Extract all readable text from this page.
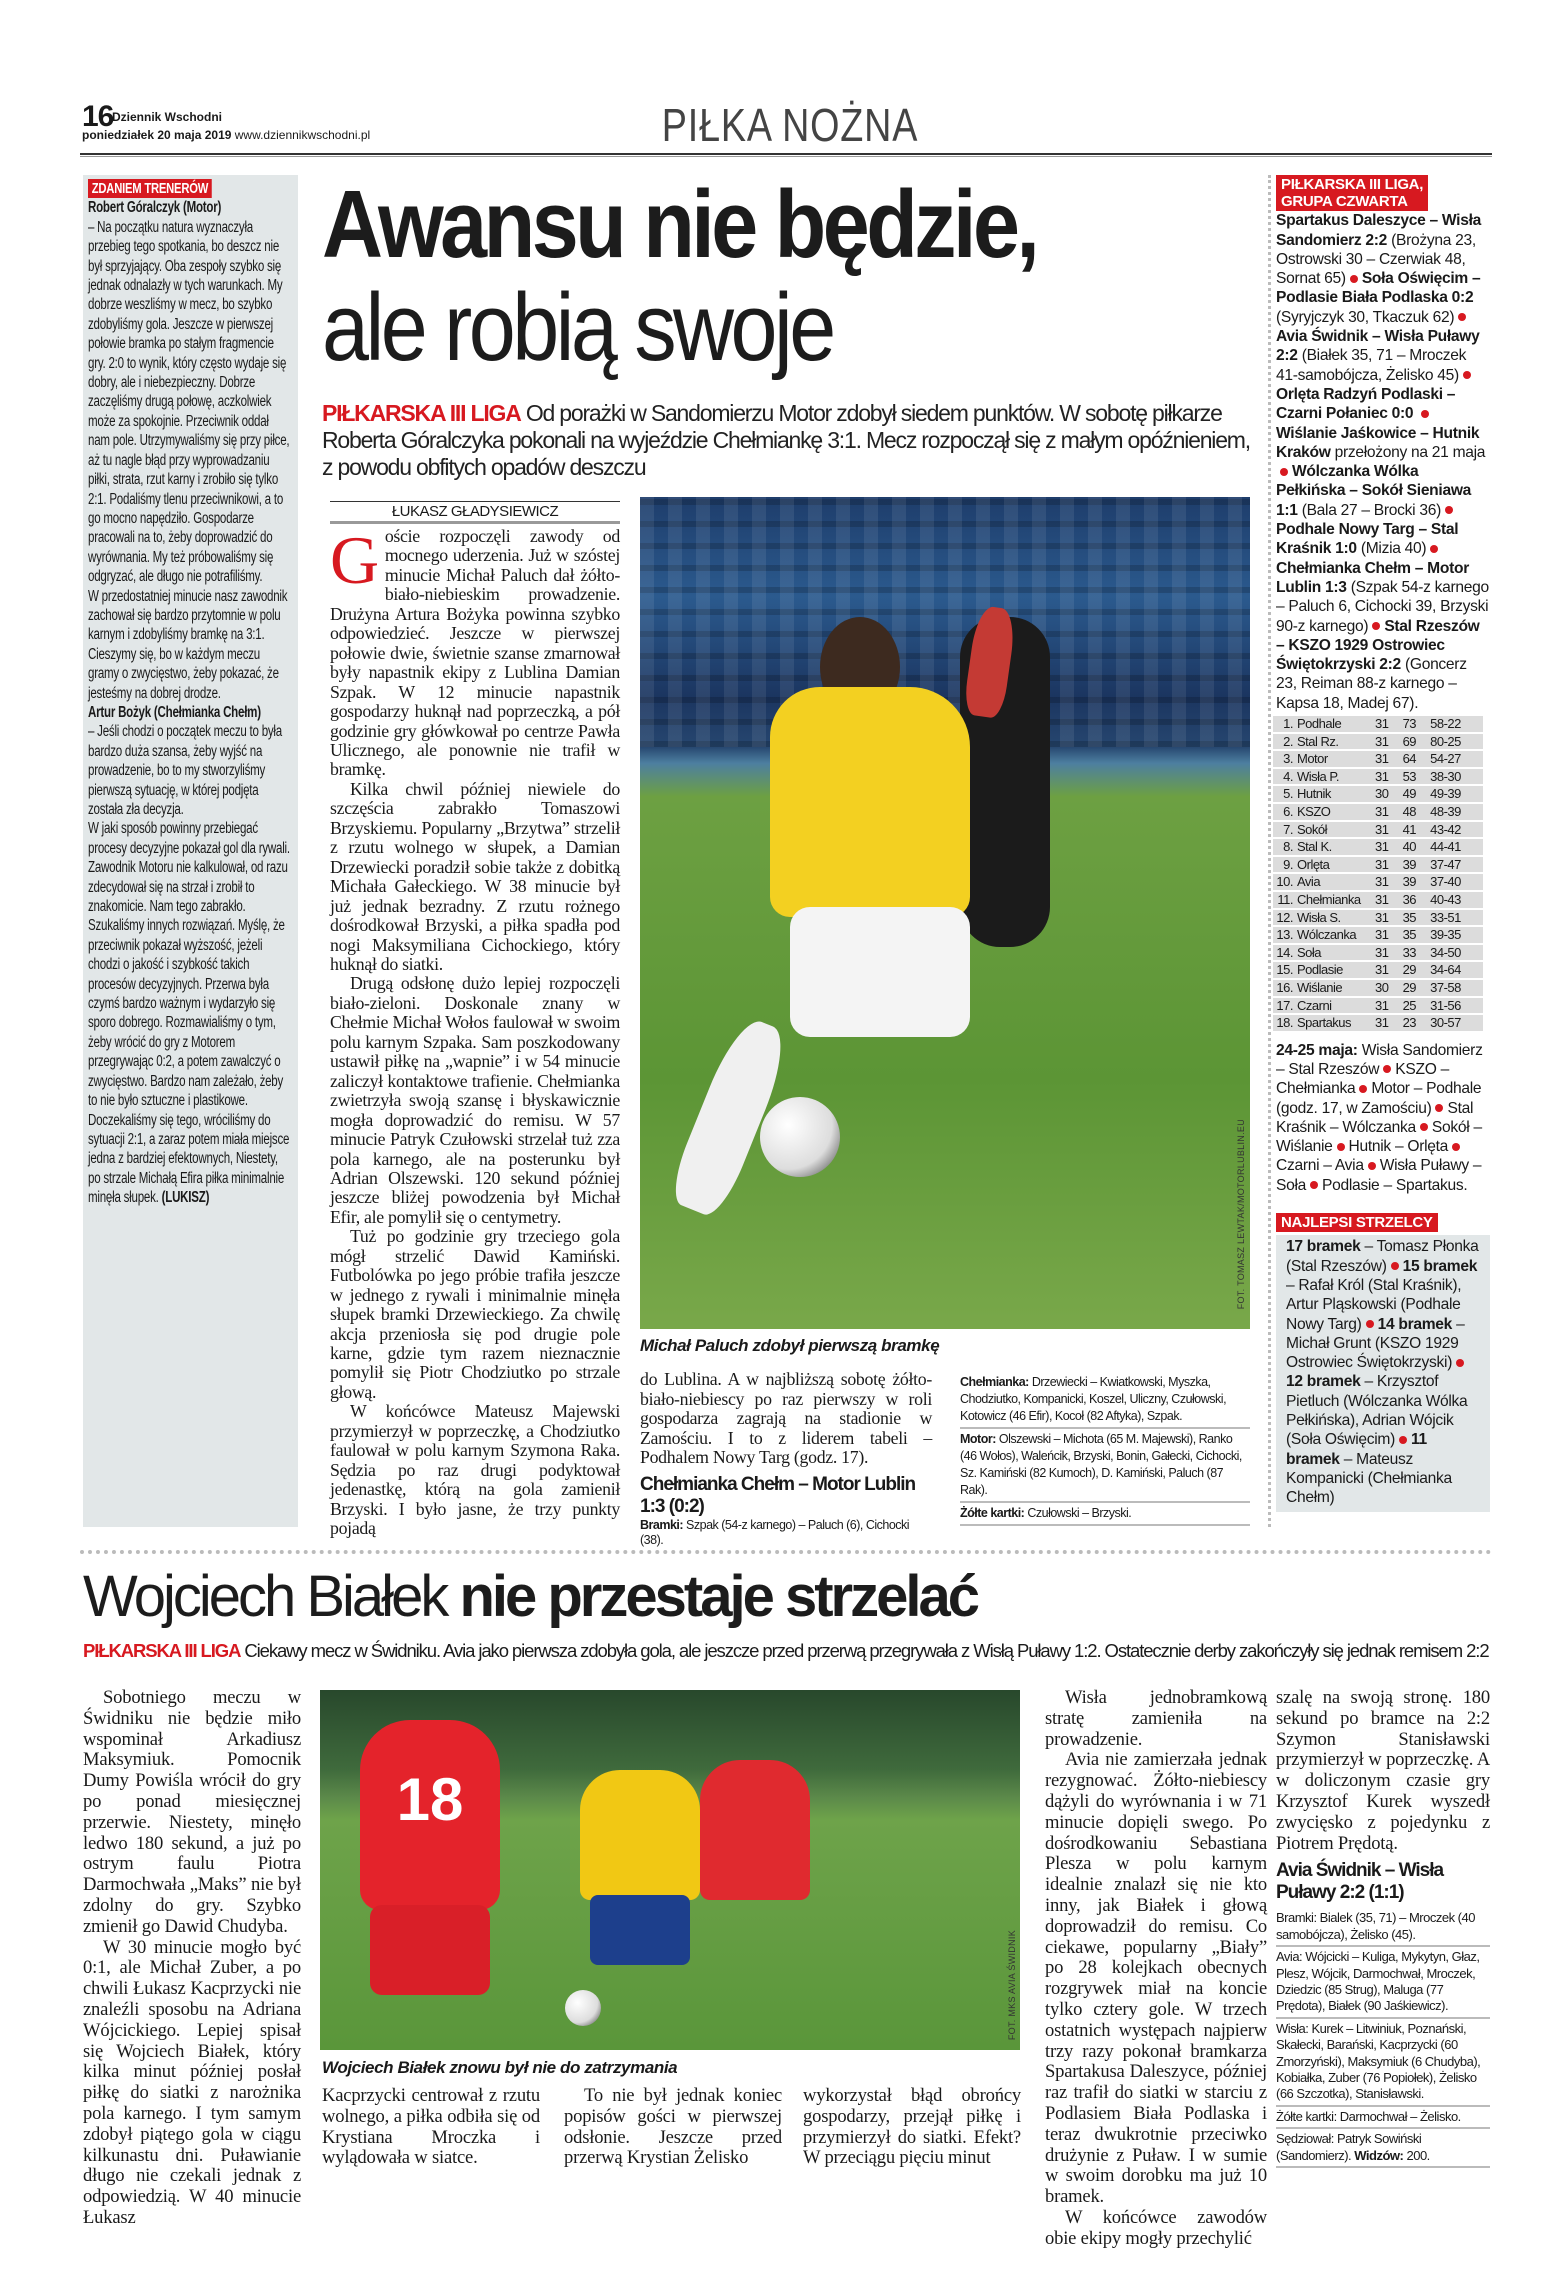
16
Dziennik Wschodni
poniedziałek 20 maja 2019 www.dziennikwschodni.pl	PIŁKA NOŻNA
ZDANIEM TRENERÓW
Robert Góralczyk (Motor)

– Na początku natura wyznaczyła przebieg tego spotkania, bo deszcz nie był sprzyjający. Oba zespoły szybko się jednak odnalazły w tych warunkach. My dobrze weszliśmy w mecz, bo szybko zdobyliśmy gola. Jeszcze w pierwszej połowie bramka po stałym fragmencie gry. 2:0 to wynik, który często wydaje się dobry, ale i niebezpieczny. Dobrze zaczęliśmy drugą połowę, aczkolwiek może za spokojnie. Przeciwnik oddał nam pole. Utrzymywaliśmy się przy piłce, aż tu nagle błąd przy wyprowadzaniu piłki, strata, rzut karny i zrobiło się tylko 2:1. Podaliśmy tlenu przeciwnikowi, a to go mocno napędziło. Gospodarze pracowali na to, żeby doprowadzić do wyrównania. My też próbowaliśmy się odgryzać, ale długo nie potrafiliśmy.

W przedostatniej minucie nasz zawodnik zachował się bardzo przytomnie w polu karnym i zdobyliśmy bramkę na 3:1. Cieszymy się, bo w każdym meczu gramy o zwycięstwo, żeby pokazać, że jesteśmy na dobrej drodze.

Artur Bożyk (Chełmianka Chełm)

– Jeśli chodzi o początek meczu to była bardzo duża szansa, żeby wyjść na prowadzenie, bo to my stworzyliśmy pierwszą sytuację, w której podjęta została zła decyzja.

W jaki sposób powinny przebiegać procesy decyzyjne pokazał gol dla rywali. Zawodnik Motoru nie kalkulował, od razu zdecydował się na strzał i zrobił to znakomicie. Nam tego zabrakło. Szukaliśmy innych rozwiązań. Myślę, że przeciwnik pokazał wyższość, jeżeli chodzi o jakość i szybkość takich procesów decyzyjnych. Przerwa była czymś bardzo ważnym i wydarzyło się sporo dobrego. Rozmawialiśmy o tym, żeby wrócić do gry z Motorem przegrywając 0:2, a potem zawalczyć o zwycięstwo. Bardzo nam zależało, żeby to nie było sztuczne i plastikowe. Doczekaliśmy się tego, wróciliśmy do sytuacji 2:1, a zaraz potem miała miejsce jedna z bardziej efektownych, Niestety, po strzale Michałą Efira piłka minimalnie minęła słupek. (LUKISZ)

Awansu nie będzie,
ale robią swoje
PIŁKARSKA III LIGA Od porażki w Sandomierzu Motor zdobył siedem punktów. W sobotę piłkarze Roberta Góralczyka pokonali na wyjeździe Chełmiankę 3:1. Mecz rozpoczął się z małym opóźnieniem, z powodu obfitych opadów deszczu
ŁUKASZ GŁADYSIEWICZ

Goście rozpoczęli zawody od mocnego uderzenia. Już w szóstej minucie Michał Paluch dał żółto-biało-niebieskim prowadzenie. Drużyna Artura Bożyka powinna szybko odpowiedzieć. Jeszcze w pierwszej połowie dwie, świetnie szanse zmarnował były napastnik ekipy z Lublina Damian Szpak. W 12 minucie napastnik gospodarzy huknął nad poprzeczką, a pół godzinie gry główkował po centrze Pawła Ulicznego, ale ponownie nie trafił w bramkę.

Kilka chwil później niewiele do szczęścia zabrakło Tomaszowi Brzyskiemu. Popularny „Brzytwa” strzelił z rzutu wolnego w słupek, a Damian Drzewiecki poradził sobie także z dobitką Michała Gałeckiego. W 38 minucie był już jednak bezradny. Z rzutu rożnego dośrodkował Brzyski, a piłka spadła pod nogi Maksymiliana Cichockiego, który huknął do siatki.

Drugą odsłonę dużo lepiej rozpoczęli biało-zieloni. Doskonale znany w Chełmie Michał Wołos faulował w swoim polu karnym Szpaka. Sam poszkodowany ustawił piłkę na „wapnie” i w 54 minucie zaliczył kontaktowe trafienie. Chełmianka zwietrzyła swoją szansę i błyskawicznie mogła doprowadzić do remisu. W 57 minucie Patryk Czułowski strzelał tuż zza pola karnego, ale na posterunku był Adrian Olszewski. 120 sekund później jeszcze bliżej powodzenia był Michał Efir, ale pomylił się o centymetry.

Tuż po godzinie gry trzeciego gola mógł strzelić Dawid Kamiński. Futbolówka po jego próbie trafiła jeszcze w jednego z rywali i minimalnie minęła słupek bramki Drzewieckiego. Za chwilę akcja przeniosła się pod drugie pole karne, gdzie tym razem nieznacznie pomylił się Piotr Chodziutko po strzale głową.

W końcówce Mateusz Majewski przymierzył w poprzeczkę, a Chodziutko faulował w polu karnym Szymona Raka. Sędzia po raz drugi podyktował jedenastkę, którą na gola zamienił Brzyski. I było jasne, że trzy punkty pojadą

FOT. TOMASZ LEWTAK/MOTORLUBLIN.EU
Michał Paluch zdobył pierwszą bramkę
do Lublina. A w najbliższą sobotę żółto-biało-niebiescy po raz pierwszy w roli gospodarza zagrają na stadionie w Zamościu. I to z liderem tabeli – Podhalem Nowy Targ (godz. 17).
Chełmianka Chełm – Motor Lublin 1:3 (0:2)
Bramki: Szpak (54-z karnego) – Paluch (6), Cichocki (38).
Chełmianka: Drzewiecki – Kwiatkowski, Myszka, Chodziutko, Kompanicki, Koszel, Uliczny, Czułowski, Kotowicz (46 Efir), Kocoł (82 Aftyka), Szpak.
Motor: Olszewski – Michota (65 M. Majewski), Ranko (46 Wołos), Waleńcik, Brzyski, Bonin, Gałecki, Cichocki, Sz. Kamiński (82 Kumoch), D. Kamiński, Paluch (87 Rak).
Żółte kartki: Czułowski – Brzyski.
PIŁKARSKA III LIGA,
GRUPA CZWARTA
Spartakus Daleszyce – Wisła Sandomierz 2:2 (Brożyna 23, Ostrowski 30 – Czerwiak 48, Sornat 65) Soła Oświęcim – Podlasie Biała Podlaska 0:2 (Syryjczyk 30, Tkaczuk 62)Avia Świdnik – Wisła Puławy 2:2 (Białek 35, 71 – Mroczek 41-samobójcza, Żelisko 45)Orlęta Radzyń Podlaski – Czarni Połaniec 0:0 Wiślanie Jaśkowice – Hutnik Kraków przełożony na 21 majaWólczanka Wólka Pełkińska – Sokół Sieniawa 1:1 (Bala 27 – Brocki 36)Podhale Nowy Targ – Stal Kraśnik 1:0 (Mizia 40)Chełmianka Chełm – Motor Lublin 1:3 (Szpak 54-z karnego – Paluch 6, Cichocki 39, Brzyski 90-z karnego) Stal Rzeszów – KSZO 1929 Ostrowiec Świętokrzyski 2:2 (Goncerz 23, Reiman 88-z karnego – Kapsa 18, Madej 67).
1.	Podhale	31	73	58-22
2.	Stal Rz.	31	69	80-25
3.	Motor	31	64	54-27
4.	Wisła P.	31	53	38-30
5.	Hutnik	30	49	49-39
6.	KSZO	31	48	48-39
7.	Sokół	31	41	43-42
8.	Stal K.	31	40	44-41
9.	Orlęta	31	39	37-47
10.	Avia	31	39	37-40
11.	Chełmianka	31	36	40-43
12.	Wisła S.	31	35	33-51
13.	Wólczanka	31	35	39-35
14.	Soła	31	33	34-50
15.	Podlasie	31	29	34-64
16.	Wiślanie	30	29	37-58
17.	Czarni	31	25	31-56
18.	Spartakus	31	23	30-57
24-25 maja: Wisła Sandomierz – Stal Rzeszów KSZO – Chełmianka Motor – Podhale (godz. 17, w Zamościu) Stal Kraśnik – Wólczanka Sokół – Wiślanie Hutnik – OrlętaCzarni – Avia Wisła Puławy – Soła Podlasie – Spartakus.
NAJLEPSI STRZELCY
17 bramek – Tomasz Płonka (Stal Rzeszów) 15 bramek – Rafał Król (Stal Kraśnik), Artur Pląskowski (Podhale Nowy Targ) 14 bramek – Michał Grunt (KSZO 1929 Ostrowiec Świętokrzyski)12 bramek – Krzysztof Pietluch (Wólczanka Wólka Pełkińska), Adrian Wójcik (Soła Oświęcim) 11 bramek – Mateusz Kompanicki (Chełmianka Chełm)
Wojciech Białek nie przestaje strzelać
PIŁKARSKA III LIGA Ciekawy mecz w Świdniku. Avia jako pierwsza zdobyła gola, ale jeszcze przed przerwą przegrywała z Wisłą Puławy 1:2. Ostatecznie derby zakończyły się jednak remisem 2:2

Sobotniego meczu w Świdniku nie będzie miło wspominał Arkadiusz Maksymiuk. Pomocnik Dumy Powiśla wrócił do gry po ponad miesięcznej przerwie. Niestety, minęło ledwo 180 sekund, a już po ostrym faulu Piotra Darmochwała „Maks” nie był zdolny do gry. Szybko zmienił go Dawid Chudyba.

W 30 minucie mogło być 0:1, ale Michał Zuber, a po chwili Łukasz Kacprzycki nie znaleźli sposobu na Adriana Wójcickiego. Lepiej spisał się Wojciech Białek, który kilka minut później posłał piłkę do siatki z narożnika pola karnego. I tym samym zdobył piątego gola w ciągu kilkunastu dni. Puławianie długo nie czekali jednak z odpowiedzią. W 40 minucie Łukasz

18
FOT. MKS AVIA ŚWIDNIK
Wojciech Białek znowu był nie do zatrzymania
Kacprzycki centrował z rzutu wolnego, a piłka odbiła się od Krystiana Mroczka i wylądowała w siatce.

To nie był jednak koniec popisów gości w pierwszej odsłonie. Jeszcze przed przerwą Krystian Żelisko

wykorzystał błąd obrońcy gospodarzy, przejął piłkę i przymierzył do siatki. Efekt? W przeciągu pięciu minut

Wisła jednobramkową stratę zamieniła na prowadzenie.

Avia nie zamierzała jednak rezygnować. Żółto-niebiescy dążyli do wyrównania i w 71 minucie dopięli swego. Po dośrodkowaniu Sebastiana Plesza w polu karnym idealnie znalazł się nie kto inny, jak Białek i głową doprowadził do remisu. Co ciekawe, popularny „Biały” po 28 kolejkach obecnych rozgrywek miał na koncie tylko cztery gole. W trzech ostatnich występach najpierw trzy razy pokonał bramkarza Spartakusa Daleszyce, później raz trafił do siatki w starciu z Podlasiem Biała Podlaska i teraz dwukrotnie przeciwko drużynie z Puław. I w sumie w swoim dorobku ma już 10 bramek.

W końcówce zawodów obie ekipy mogły przechylić

szalę na swoją stronę. 180 sekund po bramce na 2:2 Szymon Stanisławski przymierzył w poprzeczkę. A w doliczonym czasie gry Krzysztof Kurek wyszedł zwycięsko z pojedynku z Piotrem Prędotą.
Avia Świdnik – Wisła Puławy 2:2 (1:1)
Bramki: Bialek (35, 71) – Mroczek (40 samobójcza), Żelisko (45).
Avia: Wójcicki – Kuliga, Mykytyn, Głaz, Plesz, Wójcik, Darmochwał, Mroczek, Dziedzic (85 Strug), Maluga (77 Prędota), Białek (90 Jaśkiewicz).
Wisła: Kurek – Litwiniuk, Poznański, Skałecki, Barański, Kacprzycki (60 Zmorzyński), Maksymiuk (6 Chudyba), Kobiałka, Zuber (76 Popiołek), Żelisko (66 Szczotka), Stanisławski.
Żółte kartki: Darmochwał – Żelisko.
Sędziował: Patryk Sowiński (Sandomierz). Widzów: 200.
